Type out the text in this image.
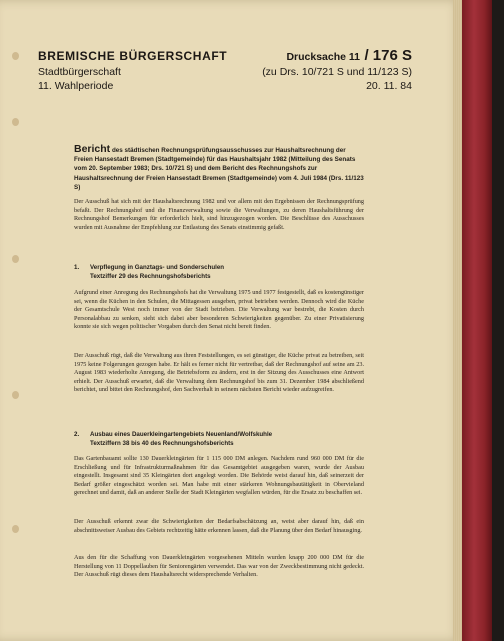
BREMISCHE BÜRGERSCHAFT
Stadtbürgerschaft
11. Wahlperiode
Drucksache 11 / 176 S
(zu Drs. 10/721 S und 11/123 S)
20. 11. 84
Bericht des städtischen Rechnungsprüfungsausschusses zur Haushaltsrechnung der Freien Hansestadt Bremen (Stadtgemeinde) für das Haushaltsjahr 1982 (Mitteilung des Senats vom 20. September 1983; Drs. 10/721 S) und dem Bericht des Rechnungshofs zur Haushaltsrechnung der Freien Hansestadt Bremen (Stadtgemeinde) vom 4. Juli 1984 (Drs. 11/123 S)
Der Ausschuß hat sich mit der Haushaltsrechnung 1982 und vor allem mit den Ergebnissen der Rechnungsprüfung befaßt. Der Rechnungshof und die Finanzverwaltung sowie die Verwaltungen, zu deren Haushaltsführung der Rechnungshof Bemerkungen für erforderlich hielt, sind hinzugezogen worden. Die Beschlüsse des Ausschusses wurden mit Ausnahme der Empfehlung zur Entlastung des Senats einstimmig gefaßt.
1. Verpflegung in Ganztags- und Sonderschulen
Textziffer 29 des Rechnungshofsberichts
Aufgrund einer Anregung des Rechnungshofs hat die Verwaltung 1975 und 1977 festgestellt, daß es kostengünstiger sei, wenn die Küchen in den Schulen, die Mittagessen ausgeben, privat betrieben werden. Dennoch wird die Küche der Gesamtschule West noch immer von der Stadt betrieben. Die Verwaltung war bestrebt, die Kosten durch Personalabbau zu senken, sieht sich dabei aber besonderen Schwierigkeiten gegenüber. Zu einer Privatisierung konnte sie sich wegen politischer Vorgaben durch den Senat nicht bereit finden.
Der Ausschuß rügt, daß die Verwaltung aus ihren Feststellungen, es sei günstiger, die Küche privat zu betreiben, seit 1975 keine Folgerungen gezogen habe. Er hält es ferner nicht für vertretbar, daß der Rechnungshof auf seine am 23. August 1983 wiederholte Anregung, die Betriebsform zu ändern, erst in der Sitzung des Ausschusses eine Antwort erhielt. Der Ausschuß erwartet, daß die Verwaltung dem Rechnungshof bis zum 31. Dezember 1984 abschließend berichtet, und bittet den Rechnungshof, den Sachverhalt in seinem nächsten Bericht wieder aufzugreifen.
2. Ausbau eines Dauerkleingartengebiets Neuenland/Wolfskuhle
Textziffern 38 bis 40 des Rechnungshofsberichts
Das Gartenbauamt sollte 130 Dauerkleingärten für 1 115 000 DM anlegen. Nachdem rund 960 000 DM für die Erschließung und für Infrastrukturmaßnahmen für das Gesamtgebiet ausgegeben waren, wurde der Ausbau eingestellt. Insgesamt sind 35 Kleingärten dort angelegt worden. Die Behörde weist darauf hin, daß seinerzeit der Bedarf größer eingeschätzt worden sei. Man habe mit einer stärkeren Wohnungsbautätigkeit in Obervieland gerechnet und damit, daß an anderer Stelle der Stadt Kleingärten wegfallen würden, für die Ersatz zu beschaffen sei.
Der Ausschuß erkennt zwar die Schwierigkeiten der Bedarfsabschätzung an, weist aber darauf hin, daß ein abschnittsweiser Ausbau des Gebiets rechtzeitig hätte erkennen lassen, daß die Planung über den Bedarf hinausging.
Aus den für die Schaffung von Dauerkleingärten vorgesehenen Mitteln wurden knapp 200 000 DM für die Herstellung von 11 Doppellauben für Seniorengärten verwendet. Das war von der Zweckbestimmung nicht gedeckt. Der Ausschuß rügt dieses dem Haushaltsrecht widersprechende Verhalten.
